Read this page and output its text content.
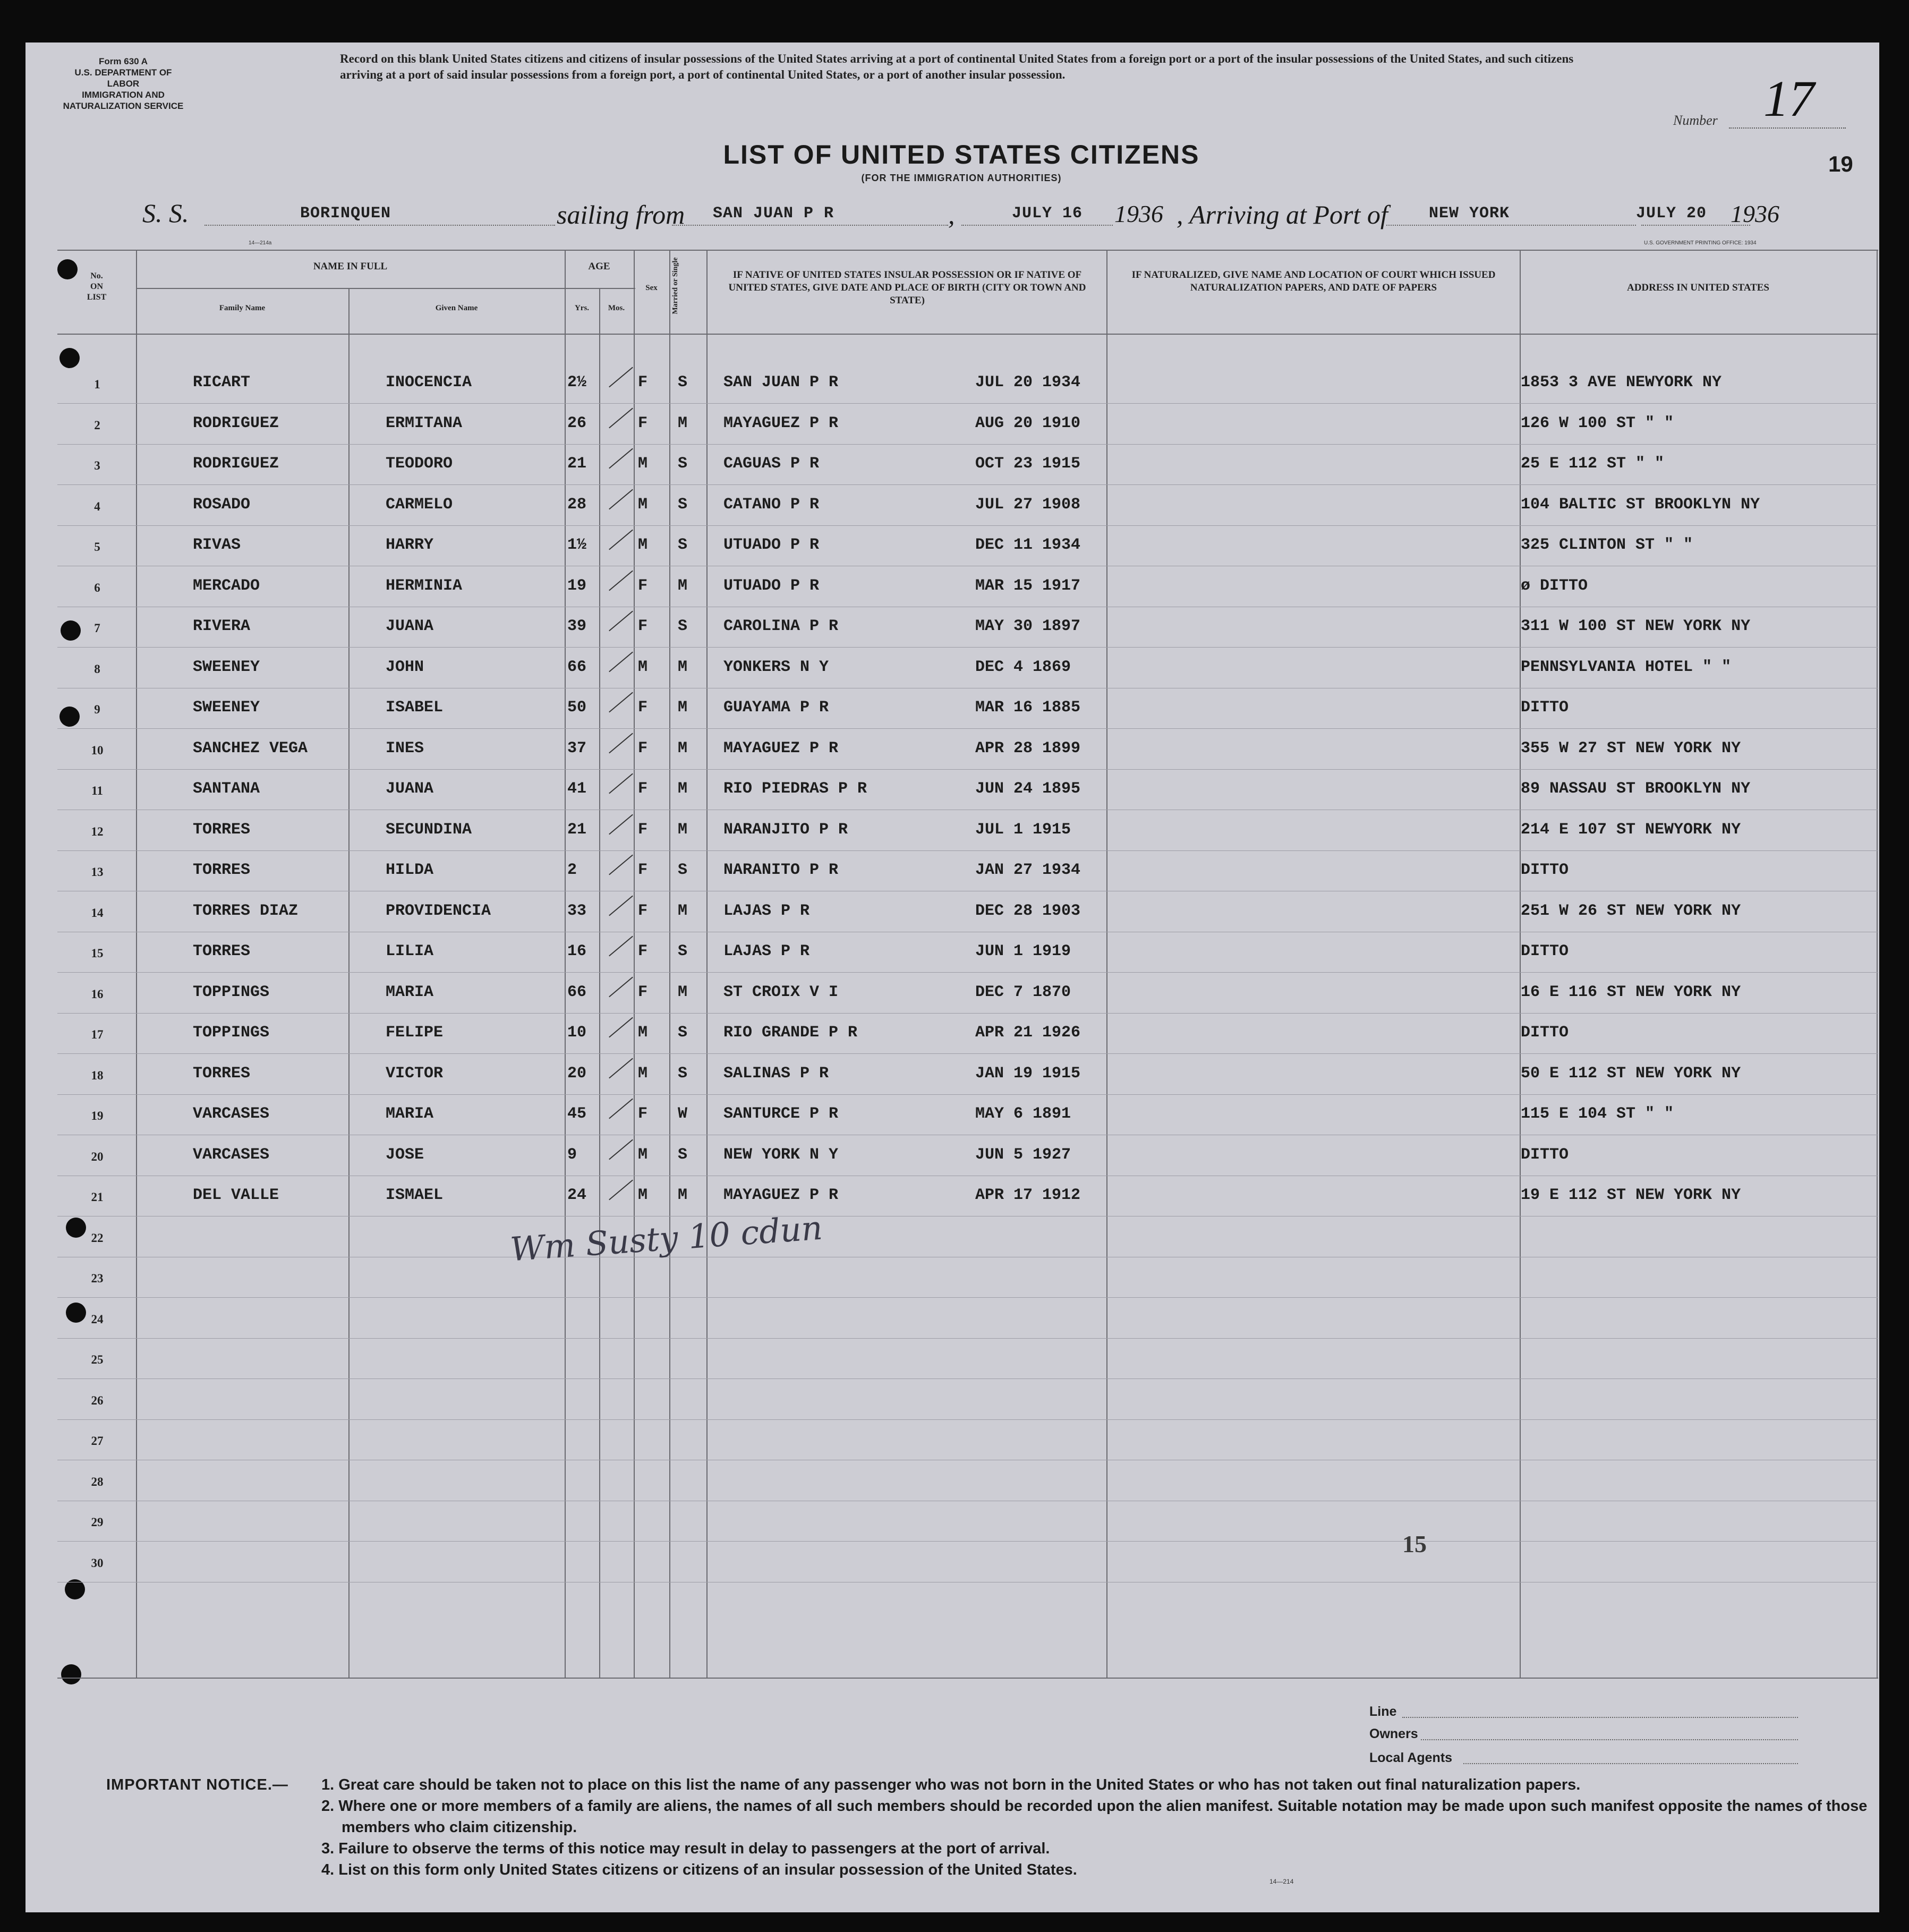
Form 630 A
U.S. DEPARTMENT OF LABOR
IMMIGRATION AND
NATURALIZATION SERVICE
Record on this blank United States citizens and citizens of insular possessions of the United States arriving at a port of continental United States from a foreign port or a port of the insular possessions of the United States, and such citizens arriving at a port of said insular possessions from a foreign port, a port of continental United States, or a port of another insular possession.
Number 17
LIST OF UNITED STATES CITIZENS
(FOR THE IMMIGRATION AUTHORITIES)
19
S. S.	BORINQUEN
14—214a
sailing from SAN JUAN P R	,	JULY 16 1936 , Arriving at Port of	NEW YORK	JULY 20 1936
U.S. GOVERNMENT PRINTING OFFICE: 1934
No.
ON
LIST
NAME IN FULL
Family Name	Given Name
AGE
Yrs.	Mos.
Sex	Married or Single	IF NATIVE OF UNITED STATES INSULAR POSSESSION OR IF NATIVE OF UNITED STATES, GIVE DATE AND PLACE OF BIRTH (CITY OR TOWN AND STATE)
IF NATURALIZED, GIVE NAME AND LOCATION OF COURT WHICH ISSUED NATURALIZATION PAPERS, AND DATE OF PAPERS	ADDRESS IN UNITED STATES
1	RICART	INOCENCIA	2½	F S SAN JUAN P R	JUL 20 1934	1853 3 AVE NEWYORK NY
2	RODRIGUEZ	ERMITANA	26	F M MAYAGUEZ P R	AUG 20 1910	126 W 100 ST " "
3	RODRIGUEZ	TEODORO	21	M S CAGUAS P R	OCT 23 1915	25 E 112 ST " "
4	ROSADO	CARMELO	28	M S CATANO P R	JUL 27 1908	104 BALTIC ST BROOKLYN NY
5	RIVAS	HARRY	1½	M S UTUADO P R	DEC 11 1934	325 CLINTON ST " "
6	MERCADO	HERMINIA	19	F M UTUADO P R	MAR 15 1917	ø DITTO
7	RIVERA	JUANA	39	F S CAROLINA P R	MAY 30 1897	311 W 100 ST NEW YORK NY
8	SWEENEY	JOHN	66	M M YONKERS N Y	DEC 4 1869	PENNSYLVANIA HOTEL " "
9	SWEENEY	ISABEL	50	F M GUAYAMA P R	MAR 16 1885	DITTO
10	SANCHEZ VEGA	INES	37	F M MAYAGUEZ P R	APR 28 1899	355 W 27 ST NEW YORK NY
11	SANTANA	JUANA	41	F M RIO PIEDRAS P R	JUN 24 1895	89 NASSAU ST BROOKLYN NY
12	TORRES	SECUNDINA	21	F M NARANJITO P R	JUL 1 1915	214 E 107 ST NEWYORK NY
13	TORRES	HILDA	2	F S NARANITO P R	JAN 27 1934	DITTO
14	TORRES DIAZ	PROVIDENCIA	33	F M LAJAS P R	DEC 28 1903	251 W 26 ST NEW YORK NY
15	TORRES	LILIA	16	F S LAJAS P R	JUN 1 1919	DITTO
16	TOPPINGS	MARIA	66	F M ST CROIX V I	DEC 7 1870	16 E 116 ST NEW YORK NY
17	TOPPINGS	FELIPE	10	M S RIO GRANDE P R	APR 21 1926	DITTO
18	TORRES	VICTOR	20	M S SALINAS P R	JAN 19 1915	50 E 112 ST NEW YORK NY
19	VARCASES	MARIA	45	F W SANTURCE P R	MAY 6 1891	115 E 104 ST " "
20	VARCASES	JOSE	9	M S NEW YORK N Y	JUN 5 1927	DITTO
21	DEL VALLE	ISMAEL	24	M M MAYAGUEZ P R	APR 17 1912	19 E 112 ST NEW YORK NY
22
23
24
25
26
27
28
29
30
Wm Susty 10 cdun
15
Line
Owners
Local Agents
IMPORTANT NOTICE.— 1. Great care should be taken not to place on this list the name of any passenger who was not born in the United States or who has not taken out final naturalization papers.
2. Where one or more members of a family are aliens, the names of all such members should be recorded upon the alien manifest. Suitable notation may be made upon such manifest opposite the names of those members who claim citizenship.
3. Failure to observe the terms of this notice may result in delay to passengers at the port of arrival.
4. List on this form only United States citizens or citizens of an insular possession of the United States.
14—214
